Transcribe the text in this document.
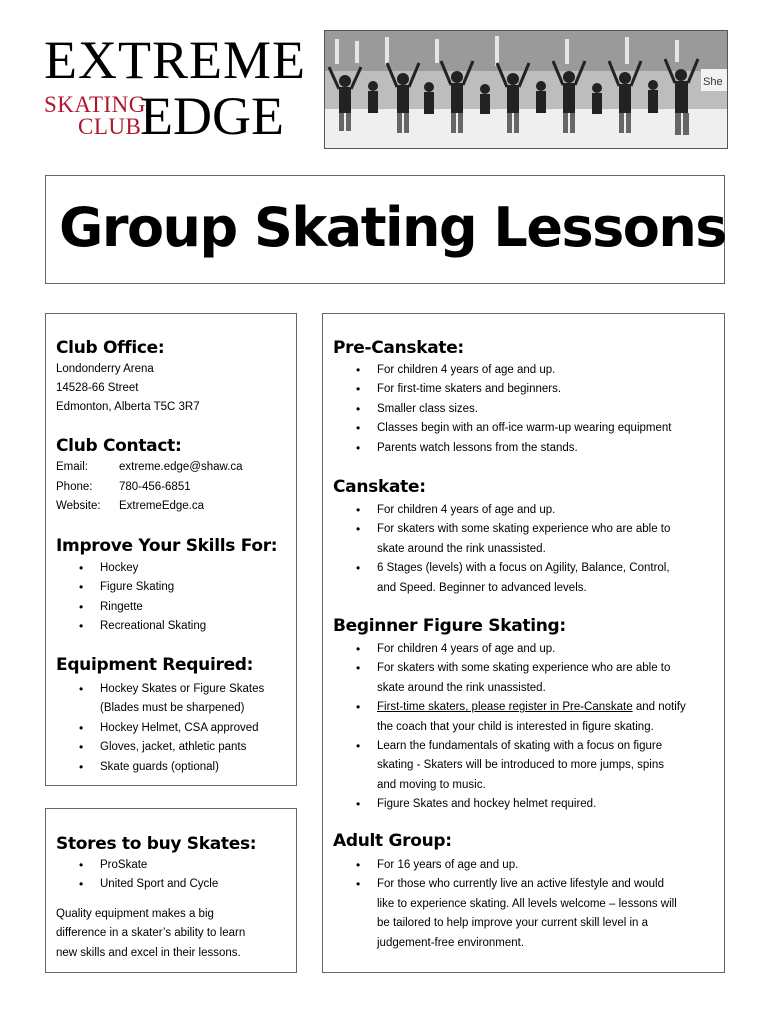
EXTREME
SKATING
CLUB
EDGE
She
Group Skating Lessons
Club Office:
Londonderry Arena
14528-66 Street
Edmonton, Alberta T5C 3R7
Club Contact:
Email:	extreme.edge@shaw.ca
Phone: 780-456-6851
Website: ExtremeEdge.ca
Improve Your Skills For:
• Hockey
• Figure Skating
• Ringette
• Recreational Skating
Equipment Required:
• Hockey Skates or Figure Skates
(Blades must be sharpened)
• Hockey Helmet, CSA approved
• Gloves, jacket, athletic pants
• Skate guards (optional)
Stores to buy Skates:
• ProSkate
• United Sport and Cycle
Quality equipment makes a big
difference in a skater’s ability to learn
new skills and excel in their lessons.
Pre-Canskate:
• For children 4 years of age and up.
• For first-time skaters and beginners.
• Smaller class sizes.
• Classes begin with an off-ice warm-up wearing equipment
• Parents watch lessons from the stands.
Canskate:
• For children 4 years of age and up.
• For skaters with some skating experience who are able to
skate around the rink unassisted.
• 6 Stages (levels) with a focus on Agility, Balance, Control,
and Speed. Beginner to advanced levels.
Beginner Figure Skating:
• For children 4 years of age and up.
• For skaters with some skating experience who are able to
skate around the rink unassisted.
• First-time skaters, please register in Pre-Canskate and notify
the coach that your child is interested in figure skating.
• Learn the fundamentals of skating with a focus on figure
skating - Skaters will be introduced to more jumps, spins
and moving to music.
• Figure Skates and hockey helmet required.
Adult Group:
• For 16 years of age and up.
• For those who currently live an active lifestyle and would
like to experience skating. All levels welcome – lessons will
be tailored to help improve your current skill level in a
judgement-free environment.
